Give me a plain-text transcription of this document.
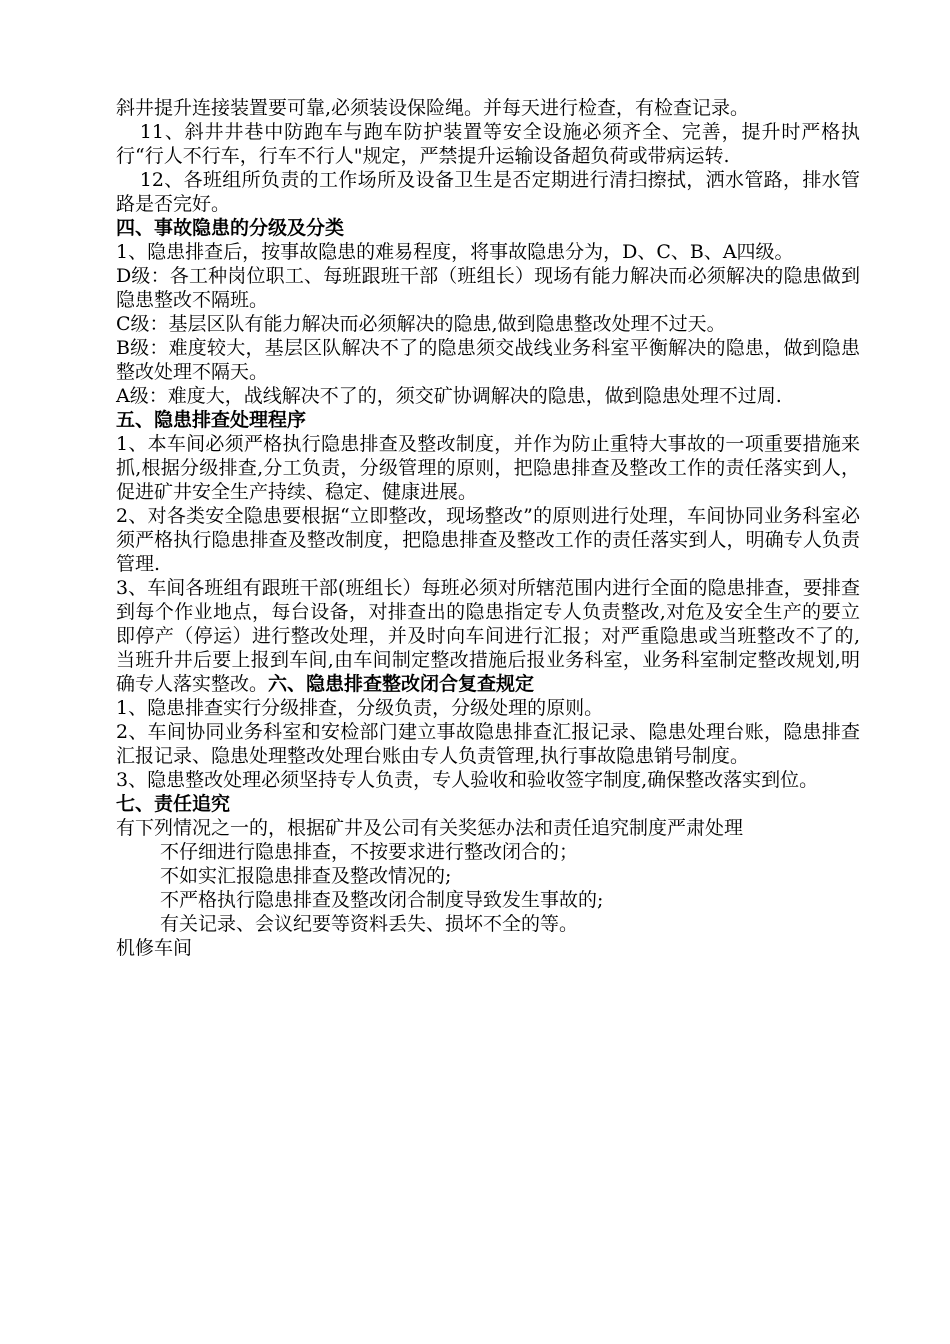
斜井提升连接装置要可靠,必须装设保险绳。并每天进行检查，有检查记录。

11、斜井井巷中防跑车与跑车防护装置等安全设施必须齐全、完善，提升时严格执行“行人不行车，行车不行人"规定，严禁提升运输设备超负荷或带病运转.

12、各班组所负责的工作场所及设备卫生是否定期进行清扫擦拭，洒水管路，排水管路是否完好。

四、事故隐患的分级及分类

1、隐患排查后，按事故隐患的难易程度，将事故隐患分为，D、C、B、A四级。

D级：各工种岗位职工、每班跟班干部（班组长）现场有能力解决而必须解决的隐患做到隐患整改不隔班。

C级：基层区队有能力解决而必须解决的隐患,做到隐患整改处理不过天。

B级：难度较大，基层区队解决不了的隐患须交战线业务科室平衡解决的隐患，做到隐患整改处理不隔天。

A级：难度大，战线解决不了的，须交矿协调解决的隐患，做到隐患处理不过周.

五、隐患排查处理程序

1、本车间必须严格执行隐患排查及整改制度，并作为防止重特大事故的一项重要措施来抓,根据分级排查,分工负责，分级管理的原则，把隐患排查及整改工作的责任落实到人，促进矿井安全生产持续、稳定、健康进展。

2、对各类安全隐患要根据“立即整改，现场整改”的原则进行处理，车间协同业务科室必须严格执行隐患排查及整改制度，把隐患排查及整改工作的责任落实到人，明确专人负责管理.

3、车间各班组有跟班干部(班组长）每班必须对所辖范围内进行全面的隐患排查，要排查到每个作业地点，每台设备，对排查出的隐患指定专人负责整改,对危及安全生产的要立即停产（停运）进行整改处理，并及时向车间进行汇报；对严重隐患或当班整改不了的,当班升井后要上报到车间,由车间制定整改措施后报业务科室，业务科室制定整改规划,明确专人落实整改。六、隐患排查整改闭合复查规定

1、隐患排查实行分级排查，分级负责，分级处理的原则。

2、车间协同业务科室和安检部门建立事故隐患排查汇报记录、隐患处理台账，隐患排查汇报记录、隐患处理整改处理台账由专人负责管理,执行事故隐患销号制度。

3、隐患整改处理必须坚持专人负责，专人验收和验收签字制度,确保整改落实到位。

七、责任追究

有下列情况之一的，根据矿井及公司有关奖惩办法和责任追究制度严肃处理

不仔细进行隐患排查，不按要求进行整改闭合的；

不如实汇报隐患排查及整改情况的;

不严格执行隐患排查及整改闭合制度导致发生事故的;

有关记录、会议纪要等资料丢失、损坏不全的等。

机修车间
